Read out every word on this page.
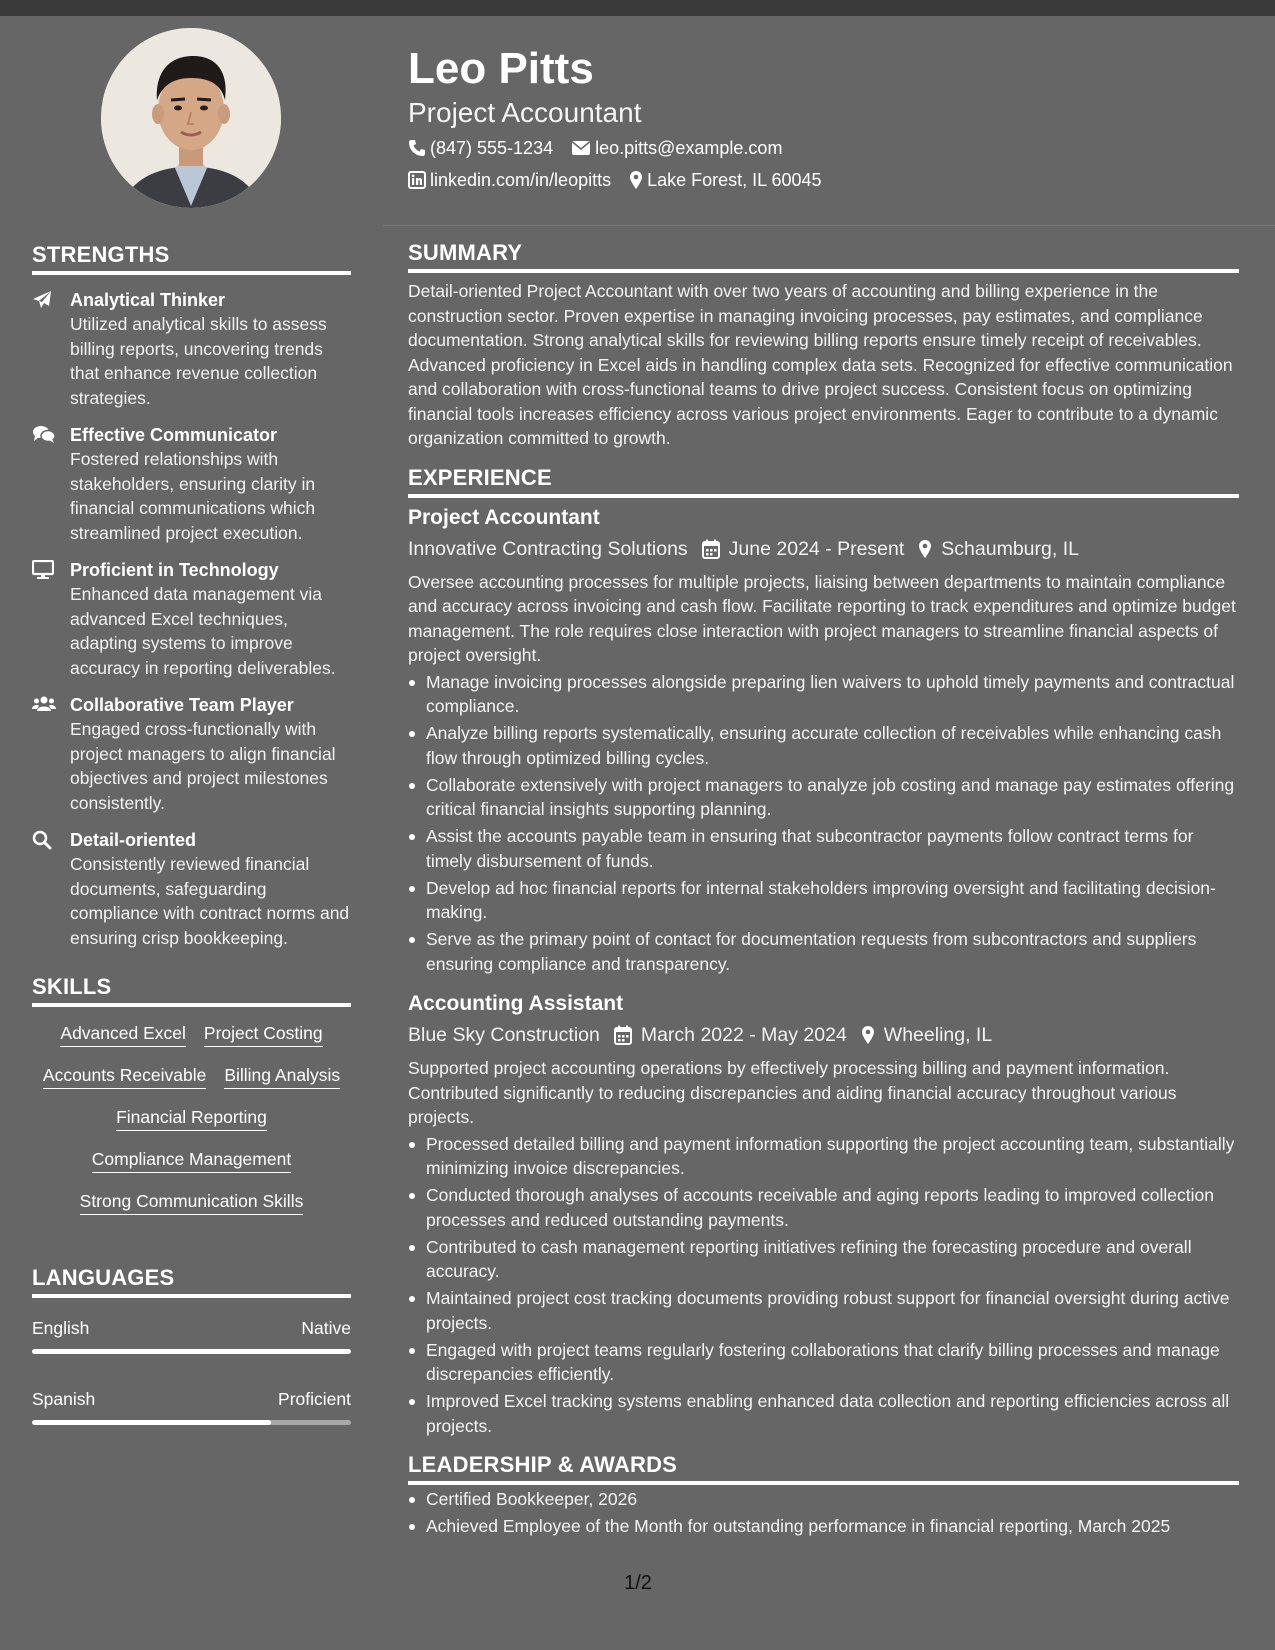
STRENGTHS
Analytical Thinker
Utilized analytical skills to assess billing reports, uncovering trends that enhance revenue collection strategies.
Effective Communicator
Fostered relationships with stakeholders, ensuring clarity in financial communications which streamlined project execution.
Proficient in Technology
Enhanced data management via advanced Excel techniques, adapting systems to improve accuracy in reporting deliverables.
Collaborative Team Player
Engaged cross-functionally with project managers to align financial objectives and project milestones consistently.
Detail-oriented
Consistently reviewed financial documents, safeguarding compliance with contract norms and ensuring crisp bookkeeping.
SKILLS
Advanced Excel Project Costing
Accounts Receivable Billing Analysis
Financial Reporting
Compliance Management
Strong Communication Skills
LANGUAGES
English	Native
Spanish	Proficient
Leo Pitts
Project Accountant
(847) 555-1234 leo.pitts@example.com
linkedin.com/in/leopitts Lake Forest, IL 60045
SUMMARY
Detail-oriented Project Accountant with over two years of accounting and billing experience in the construction sector. Proven expertise in managing invoicing processes, pay estimates, and compliance documentation. Strong analytical skills for reviewing billing reports ensure timely receipt of receivables. Advanced proficiency in Excel aids in handling complex data sets. Recognized for effective communication and collaboration with cross-functional teams to drive project success. Consistent focus on optimizing financial tools increases efficiency across various project environments. Eager to contribute to a dynamic organization committed to growth.
EXPERIENCE
Project Accountant
Innovative Contracting Solutions June 2024 - Present Schaumburg, IL
Oversee accounting processes for multiple projects, liaising between departments to maintain compliance and accuracy across invoicing and cash flow. Facilitate reporting to track expenditures and optimize budget management. The role requires close interaction with project managers to streamline financial aspects of project oversight.
Manage invoicing processes alongside preparing lien waivers to uphold timely payments and contractual compliance.
Analyze billing reports systematically, ensuring accurate collection of receivables while enhancing cash flow through optimized billing cycles.
Collaborate extensively with project managers to analyze job costing and manage pay estimates offering critical financial insights supporting planning.
Assist the accounts payable team in ensuring that subcontractor payments follow contract terms for timely disbursement of funds.
Develop ad hoc financial reports for internal stakeholders improving oversight and facilitating decision-making.
Serve as the primary point of contact for documentation requests from subcontractors and suppliers ensuring compliance and transparency.
Accounting Assistant
Blue Sky Construction March 2022 - May 2024 Wheeling, IL
Supported project accounting operations by effectively processing billing and payment information. Contributed significantly to reducing discrepancies and aiding financial accuracy throughout various projects.
Processed detailed billing and payment information supporting the project accounting team, substantially minimizing invoice discrepancies.
Conducted thorough analyses of accounts receivable and aging reports leading to improved collection processes and reduced outstanding payments.
Contributed to cash management reporting initiatives refining the forecasting procedure and overall accuracy.
Maintained project cost tracking documents providing robust support for financial oversight during active projects.
Engaged with project teams regularly fostering collaborations that clarify billing processes and manage discrepancies efficiently.
Improved Excel tracking systems enabling enhanced data collection and reporting efficiencies across all projects.
LEADERSHIP & AWARDS
Certified Bookkeeper, 2026
Achieved Employee of the Month for outstanding performance in financial reporting, March 2025
1/2
